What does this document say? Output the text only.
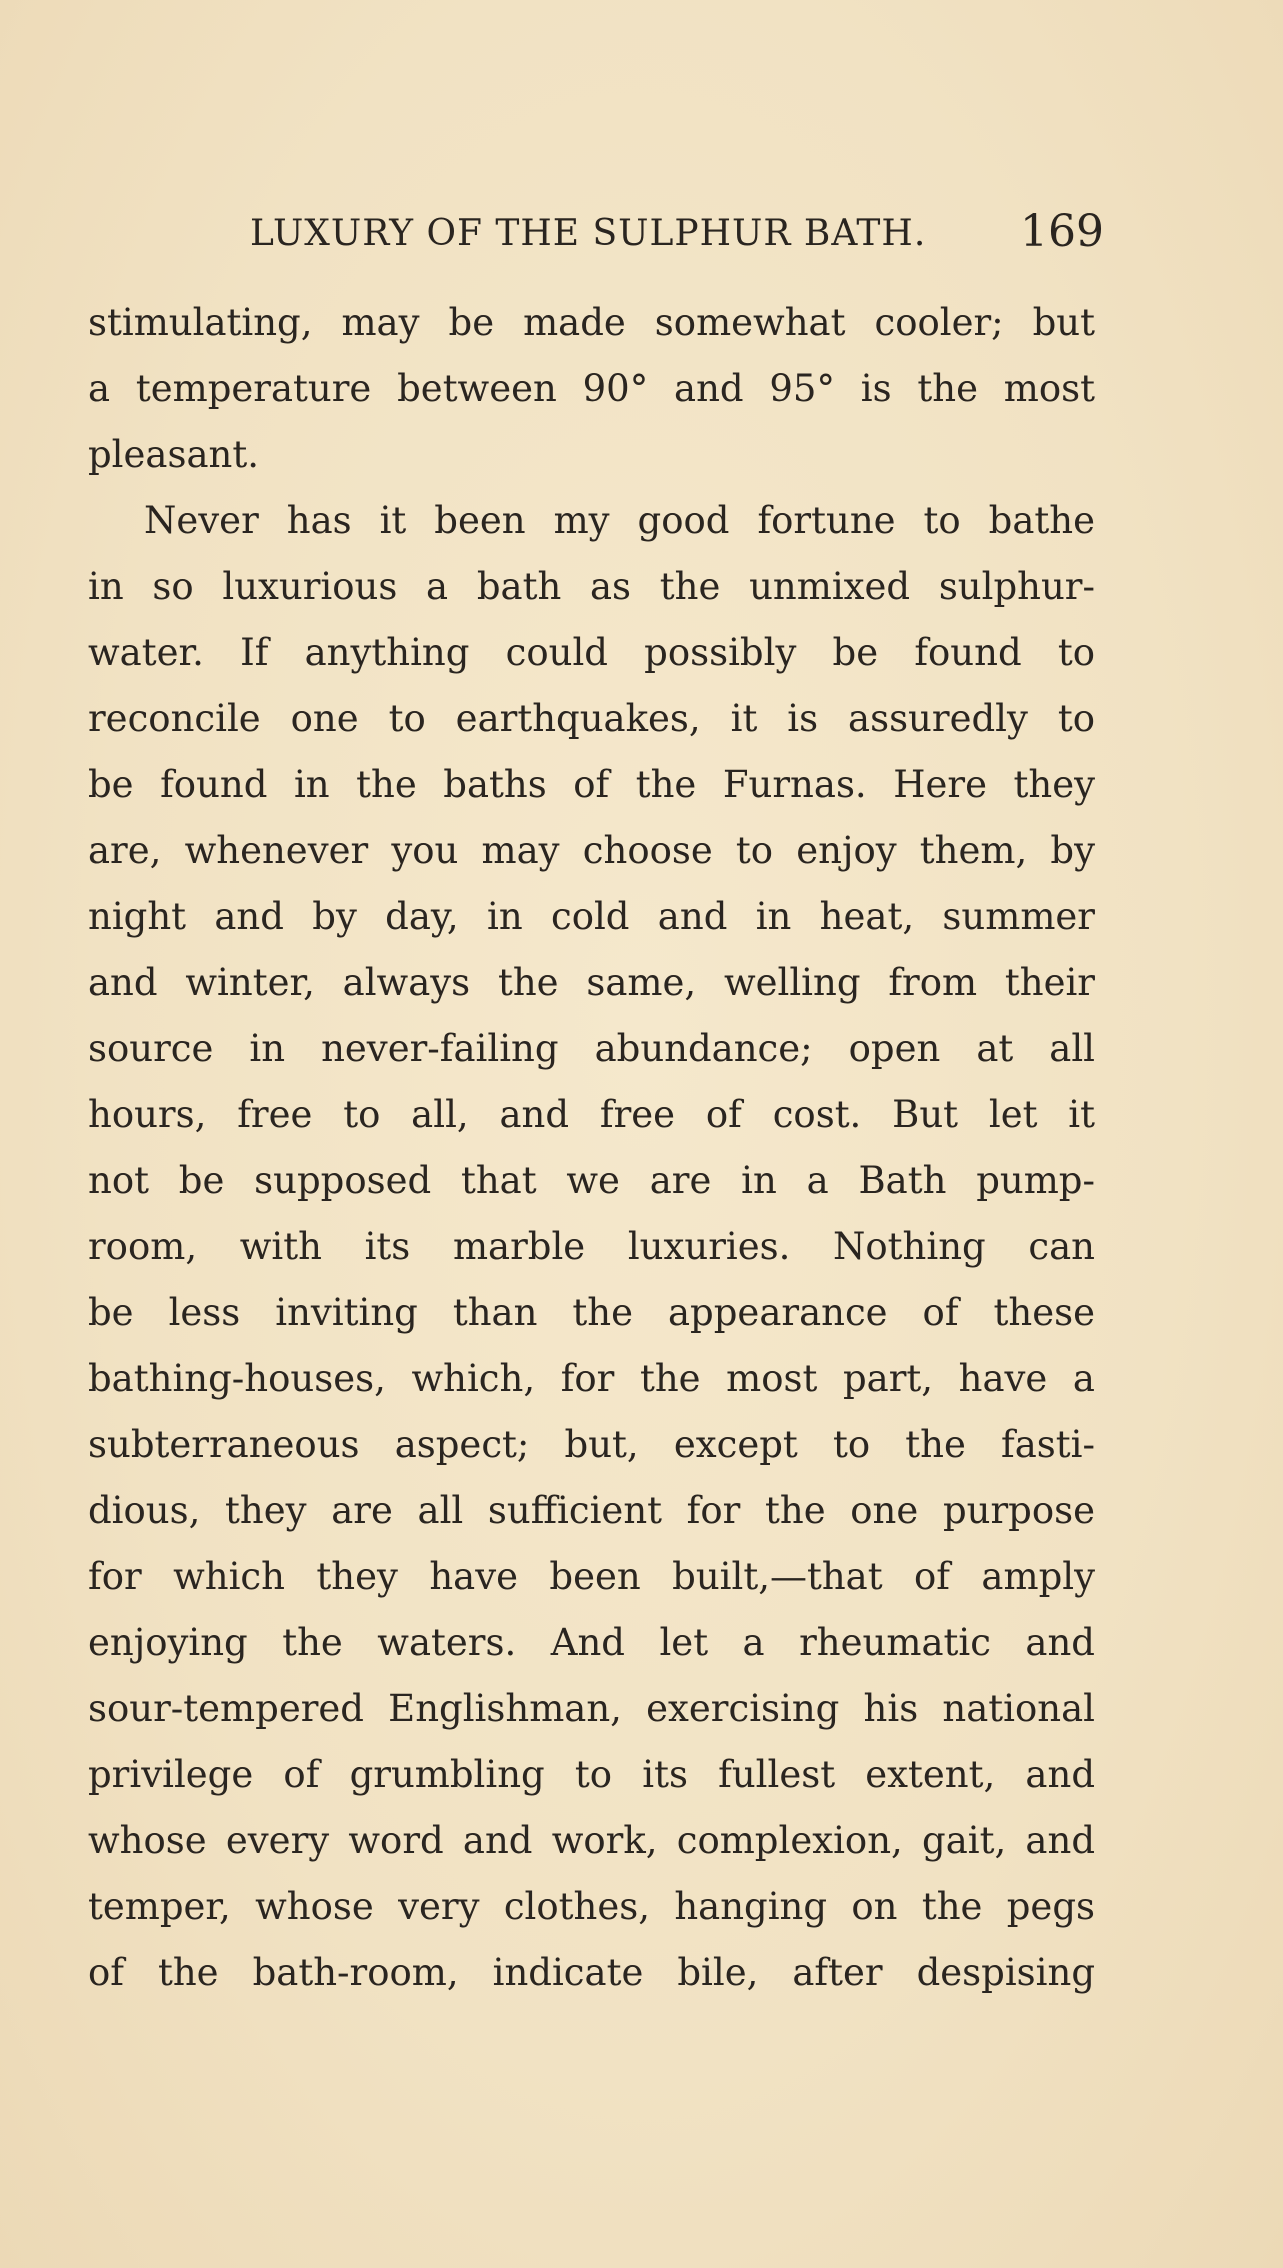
LUXURY OF THE SULPHUR BATH. 169
stimulating, may be made somewhat cooler; but
a temperature between 90° and 95° is the most
pleasant.
Never has it been my good fortune to bathe
in so luxurious a bath as the unmixed sulphur-
water. If anything could possibly be found to
reconcile one to earthquakes, it is assuredly to
be found in the baths of the Furnas. Here they
are, whenever you may choose to enjoy them, by
night and by day, in cold and in heat, summer
and winter, always the same, welling from their
source in never-failing abundance; open at all
hours, free to all, and free of cost. But let it
not be supposed that we are in a Bath pump-
room, with its marble luxuries. Nothing can
be less inviting than the appearance of these
bathing-houses, which, for the most part, have a
subterraneous aspect; but, except to the fasti-
dious, they are all sufficient for the one purpose
for which they have been built,—that of amply
enjoying the waters. And let a rheumatic and
sour-tempered Englishman, exercising his national
privilege of grumbling to its fullest extent, and
whose every word and work, complexion, gait, and
temper, whose very clothes, hanging on the pegs
of the bath-room, indicate bile, after despising
